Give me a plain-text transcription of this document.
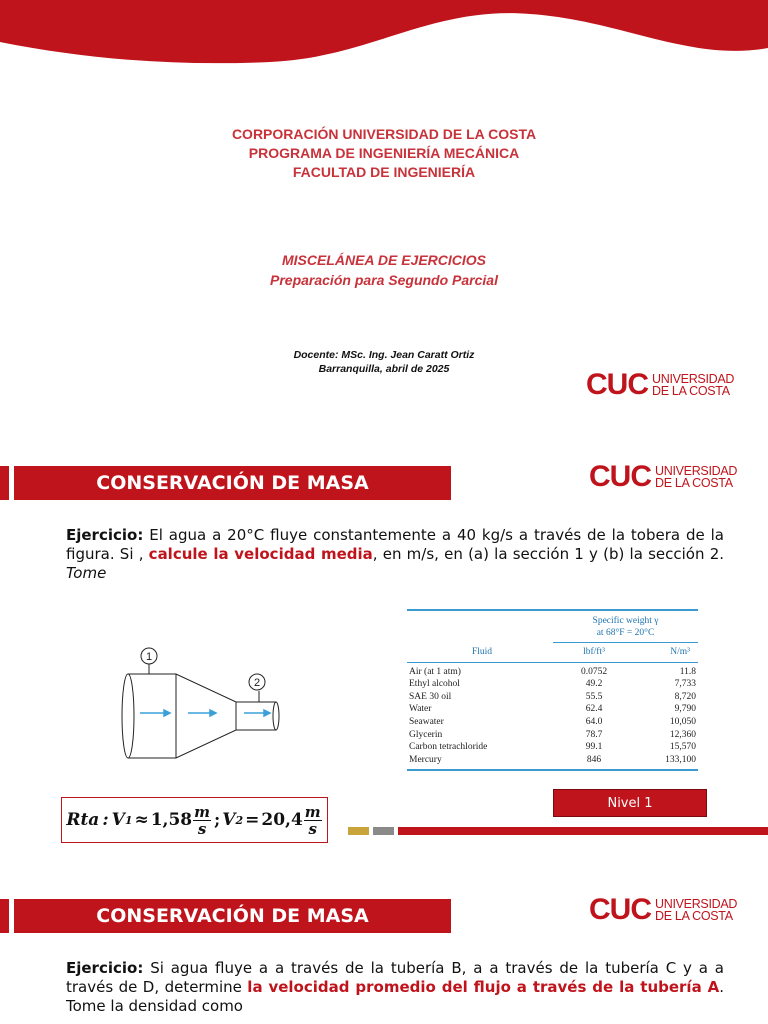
CORPORACIÓN UNIVERSIDAD DE LA COSTA
PROGRAMA DE INGENIERÍA MECÁNICA
FACULTAD DE INGENIERÍA
MISCELÁNEA DE EJERCICIOS
Preparación para Segundo Parcial
Docente: MSc. Ing. Jean Caratt Ortiz
Barranquilla, abril de 2025	CUC UNIVERSIDAD
DE LA COSTA
CONSERVACIÓN DE MASA	CUC UNIVERSIDAD
DE LA COSTA
Ejercicio: El agua a 20°C fluye constantemente a 40 kg/s a través de la tobera de la figura. Si , calcule la velocidad media, en m/s, en (a) la sección 1 y (b) la sección 2. Tome
1
2
Specific weight γ
at 68°F = 20°C
Fluid	lbf/ft³	N/m³

Air (at 1 atm)	0.0752	11.8
Ethyl alcohol	49.2	7,733
SAE 30 oil	55.5	8,720
Water	62.4	9,790
Seawater	64.0	10,050
Glycerin	78.7	12,360
Carbon tetrachloride	99.1	15,570
Mercury	846	133,100
Nivel 1
Rta : V $1 \approx 1,58 \frac{m}{s}$ ; V $2 = 20,4 \frac{m}{s}$
CONSERVACIÓN DE MASA	CUC UNIVERSIDAD
DE LA COSTA
Ejercicio: Si agua fluye a a través de la tubería B, a a través de la tubería C y a a través de D, determine la velocidad promedio del flujo a través de la tubería A. Tome la densidad como
